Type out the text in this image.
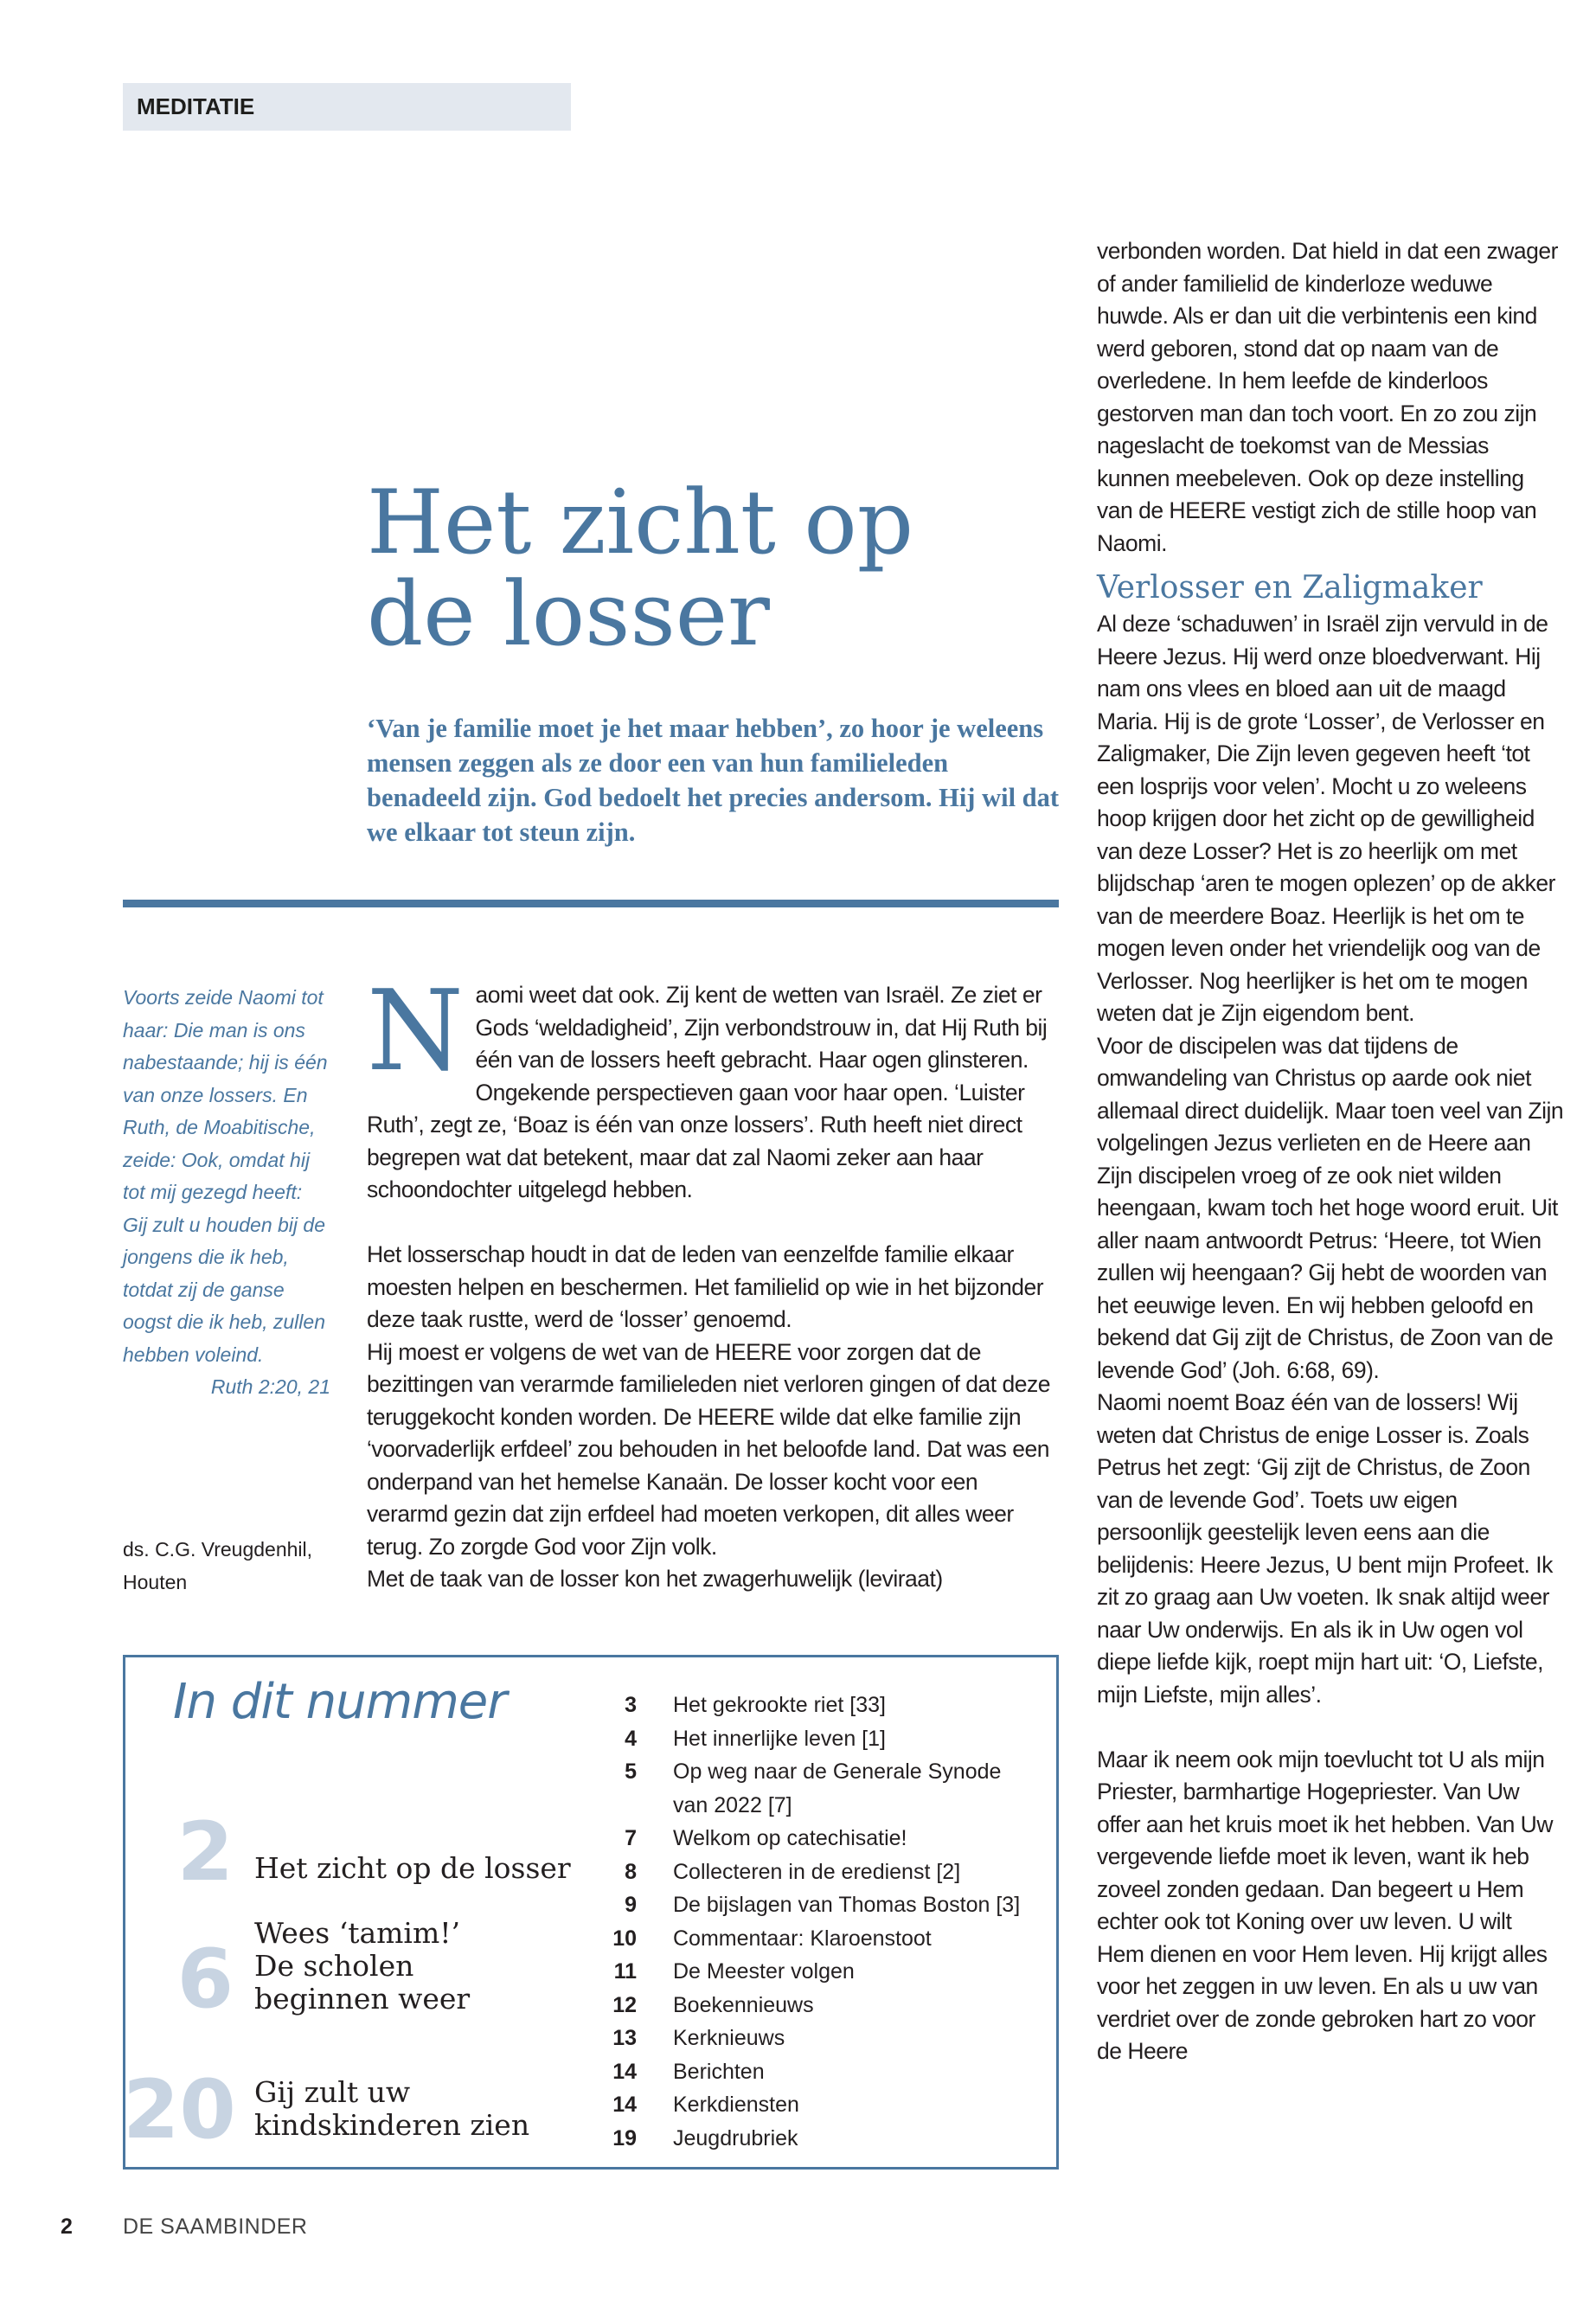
MEDITATIE
Het zicht op
de losser
‘Van je familie moet je het maar hebben’, zo hoor je weleens mensen zeggen als ze door een van hun familieleden benadeeld zijn. God bedoelt het precies andersom. Hij wil dat we elkaar tot steun zijn.
Voorts zeide Naomi tot haar: Die man is ons nabestaande; hij is één van onze lossers. En Ruth, de Moabitische, zeide: Ook, omdat hij tot mij gezegd heeft: Gij zult u houden bij de jongens die ik heb, totdat zij de ganse oogst die ik heb, zullen hebben voleind.
Ruth 2:20, 21
ds. C.G. Vreugdenhil,
Houten

Naomi weet dat ook. Zij kent de wetten van Israël. Ze ziet er Gods ‘weldadigheid’, Zijn verbondstrouw in, dat Hij Ruth bij één van de lossers heeft gebracht. Haar ogen glinsteren. Ongekende perspectieven gaan voor haar open. ‘Luister Ruth’, zegt ze, ‘Boaz is één van onze lossers’. Ruth heeft niet direct begrepen wat dat betekent, maar dat zal Naomi zeker aan haar schoondochter uitgelegd hebben.

Het losserschap houdt in dat de leden van eenzelfde familie elkaar moesten helpen en beschermen. Het familielid op wie in het bijzonder deze taak rustte, werd de ‘losser’ genoemd.

Hij moest er volgens de wet van de HEERE voor zorgen dat de bezittingen van verarmde familieleden niet verloren gingen of dat deze teruggekocht konden worden. De HEERE wilde dat elke familie zijn ‘voorvaderlijk erfdeel’ zou behouden in het beloofde land. Dat was een onderpand van het hemelse Kanaän. De losser kocht voor een verarmd gezin dat zijn erfdeel had moeten verkopen, dit alles weer terug. Zo zorgde God voor Zijn volk.

Met de taak van de losser kon het zwagerhuwelijk (leviraat)

verbonden worden. Dat hield in dat een zwager of ander familielid de kinderloze weduwe huwde. Als er dan uit die verbintenis een kind werd geboren, stond dat op naam van de overledene. In hem leefde de kinderloos gestorven man dan toch voort. En zo zou zijn nageslacht de toekomst van de Messias kunnen meebeleven. Ook op deze instelling van de HEERE vestigt zich de stille hoop van Naomi.

Verlosser en Zaligmaker

Al deze ‘schaduwen’ in Israël zijn vervuld in de Heere Jezus. Hij werd onze bloedverwant. Hij nam ons vlees en bloed aan uit de maagd Maria. Hij is de grote ‘Losser’, de Verlosser en Zaligmaker, Die Zijn leven gegeven heeft ‘tot een losprijs voor velen’. Mocht u zo weleens hoop krijgen door het zicht op de gewilligheid van deze Losser? Het is zo heerlijk om met blijdschap ‘aren te mogen oplezen’ op de akker van de meerdere Boaz. Heerlijk is het om te mogen leven onder het vriendelijk oog van de Verlosser. Nog heerlijker is het om te mogen weten dat je Zijn eigendom bent.

Voor de discipelen was dat tijdens de omwandeling van Christus op aarde ook niet allemaal direct duidelijk. Maar toen veel van Zijn volgelingen Jezus verlieten en de Heere aan Zijn discipelen vroeg of ze ook niet wilden heengaan, kwam toch het hoge woord eruit. Uit aller naam antwoordt Petrus: ‘Heere, tot Wien zullen wij heengaan? Gij hebt de woorden van het eeuwige leven. En wij hebben geloofd en bekend dat Gij zijt de Christus, de Zoon van de levende God’ (Joh. 6:68, 69).

Naomi noemt Boaz één van de lossers! Wij weten dat Christus de enige Losser is. Zoals Petrus het zegt: ‘Gij zijt de Christus, de Zoon van de levende God’. Toets uw eigen persoonlijk geestelijk leven eens aan die belijdenis: Heere Jezus, U bent mijn Profeet. Ik zit zo graag aan Uw voeten. Ik snak altijd weer naar Uw onderwijs. En als ik in Uw ogen vol diepe liefde kijk, roept mijn hart uit: ‘O, Liefste, mijn Liefste, mijn alles’.

Maar ik neem ook mijn toevlucht tot U als mijn Priester, barmhartige Hogepriester. Van Uw offer aan het kruis moet ik het hebben. Van Uw vergevende liefde moet ik leven, want ik heb zoveel zonden gedaan. Dan begeert u Hem echter ook tot Koning over uw leven. U wilt Hem dienen en voor Hem leven. Hij krijgt alles voor het zeggen in uw leven. En als u uw van verdriet over de zonde gebroken hart zo voor de Heere

In dit nummer
2 Het zicht op de losser
6 Wees ‘tamim!’
De scholen
beginnen weer
20 Gij zult uw
kindskinderen zien
3 Het gekrookte riet [33]
4 Het innerlijke leven [1]
5 Op weg naar de Generale Synode
van 2022 [7]
7 Welkom op catechisatie!
8 Collecteren in de eredienst [2]
9 De bijslagen van Thomas Boston [3]
10 Commentaar: Klaroenstoot
11 De Meester volgen
12 Boekennieuws
13 Kerknieuws
14 Berichten
14 Kerkdiensten
19 Jeugdrubriek
2 DE SAAMBINDER
